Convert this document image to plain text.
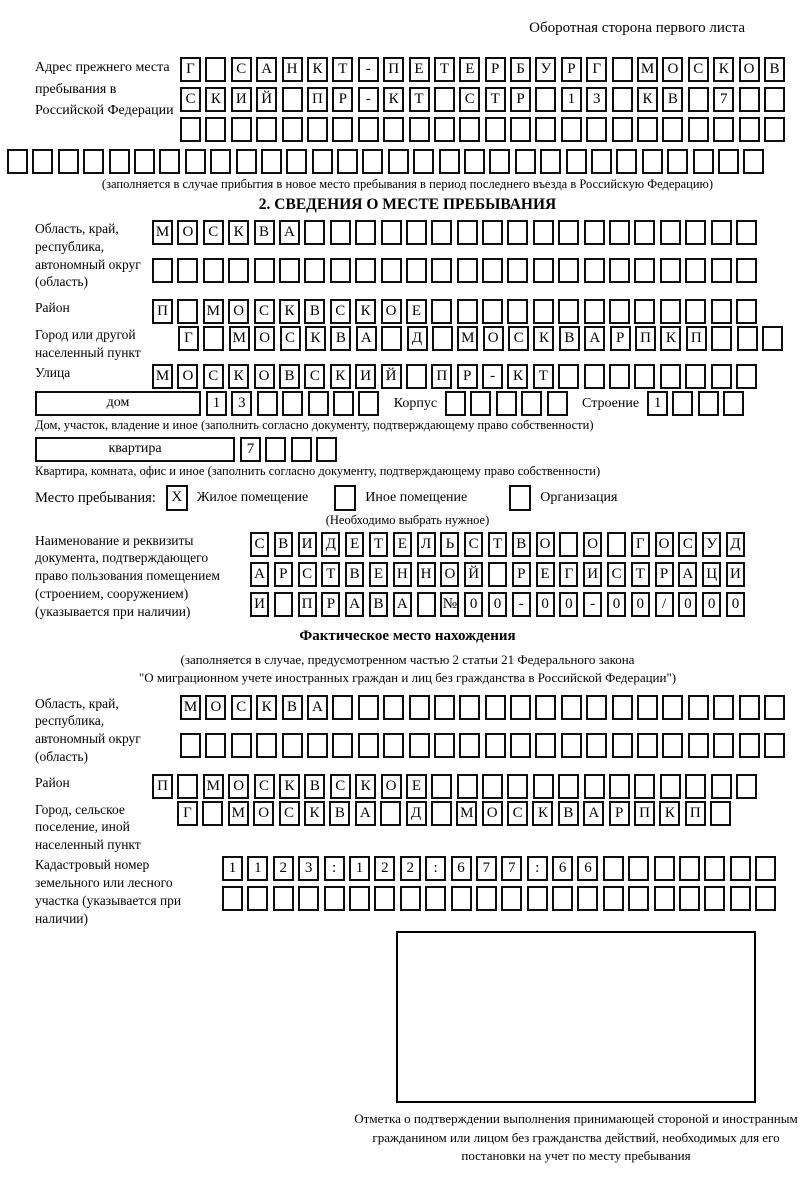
Оборотная сторона первого листа
Адрес прежнего места пребывания в Российской Федерации
Г	С А Н К	Т	-	П	Е	Т	Е	Р	Б	У	Р	Г	М О С	К О В
С	К И Й	П	Р	-	К	Т	С	Т	Р	1	3	К	В	7
(заполняется в случае прибытия в новое место пребывания в период последнего въезда в Российскую Федерацию)
2. СВЕДЕНИЯ О МЕСТЕ ПРЕБЫВАНИЯ
Область, край, республика, автономный округ (область)
М О С	К	В А
Район	П	М О С	К	В	С	К О	Е
Город или другой населенный пункт
Г	М О С	К	В А	Д	М О С	К	В А	Р	П К П
Улица	М О С	К О В	С	К И Й	П	Р	-	К	Т
дом	1	3	Корпус	Строение 1
Дом, участок, владение и иное (заполнить согласно документу, подтверждающему право собственности)
квартира	7
Квартира, комната, офис и иное (заполнить согласно документу, подтверждающему право собственности)
Место пребывания:	X	Жилое помещение	Иное помещение	Организация
(Необходимо выбрать нужное)
Наименование и реквизиты документа, подтверждающего право пользования помещением (строением, сооружением) (указывается при наличии)
С В И Д Е Т Е Л Ь С Т В О О	Г О С У Д
А Р С Т В Е Н Н О Й	Р	Е Г И С Т	Р А Ц И
И П Р А В А № 0	0	-	0	0	-	0	0	/	0	0	0
Фактическое место нахождения
(заполняется в случае, предусмотренном частью 2 статьи 21 Федерального закона
"О миграционном учете иностранных граждан и лиц без гражданства в Российской Федерации")
Область, край, республика, автономный округ (область)
М О С	К	В А
Район	П	М О С	К	В	С	К О	Е
Город, сельское поселение, иной населенный пункт
Г	М О С	К	В А	Д	М О С	К	В А	Р	П К П
Кадастровый номер земельного или лесного участка (указывается при наличии)
1	1	2	3	:	1	2	2	:	6	7	7	:	6	6
Отметка о подтверждении выполнения принимающей стороной и иностранным гражданином или лицом без гражданства действий, необходимых для его постановки на учет по месту пребывания
